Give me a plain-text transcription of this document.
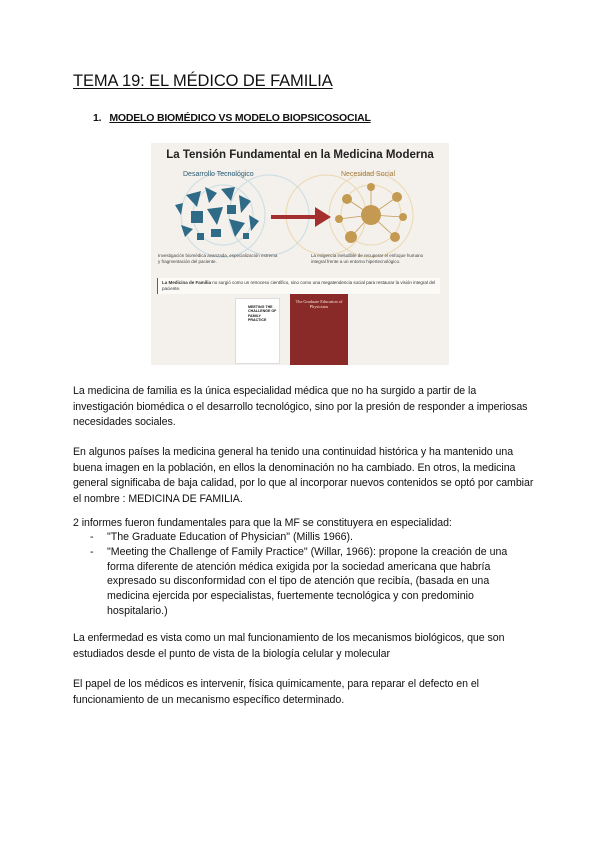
TEMA 19: EL MÉDICO DE FAMILIA
1. MODELO BIOMÉDICO VS MODELO BIOPSICOSOCIAL
La Tensión Fundamental en la Medicina Moderna
Desarrollo Tecnológico	Necesidad Social
Investigación biomédica avanzada, especialización extrema y fragmentación del paciente.
La exigencia ineludible de recuperar el enfoque humano integral frente a un entorno hipertecnológico.
La Medicina de Familia no surgió como un retroceso científico, sino como una megatendencia social para restaurar la visión integral del paciente.
MEETING THE CHALLENGE OF FAMILY PRACTICE
The Graduate Education of Physicians

La medicina de familia es la única especialidad médica que no ha surgido a partir de la investigación biomédica o el desarrollo tecnológico, sino por la presión de responder a imperiosas necesidades sociales.

En algunos países la medicina general ha tenido una continuidad histórica y ha mantenido una buena imagen en la población, en ellos la denominación no ha cambiado. En otros, la medicina general significaba de baja calidad, por lo que al incorporar nuevos contenidos se optó por cambiar el nombre : MEDICINA DE FAMILIA.

2 informes fueron fundamentales para que la MF se constituyera en especialidad:

- "The Graduate Education of Physician" (Millis 1966).
- "Meeting the Challenge of Family Practice" (Willar, 1966): propone la creación de una forma diferente de atención médica exigida por la sociedad americana que habría expresado su disconformidad con el tipo de atención que recibía, (basada en una medicina ejercida por especialistas, fuertemente tecnológica y con predominio hospitalario.)

La enfermedad es vista como un mal funcionamiento de los mecanismos biológicos, que son estudiados desde el punto de vista de la biología celular y molecular

El papel de los médicos es intervenir, física quimicamente, para reparar el defecto en el funcionamiento de un mecanismo específico determinado.
